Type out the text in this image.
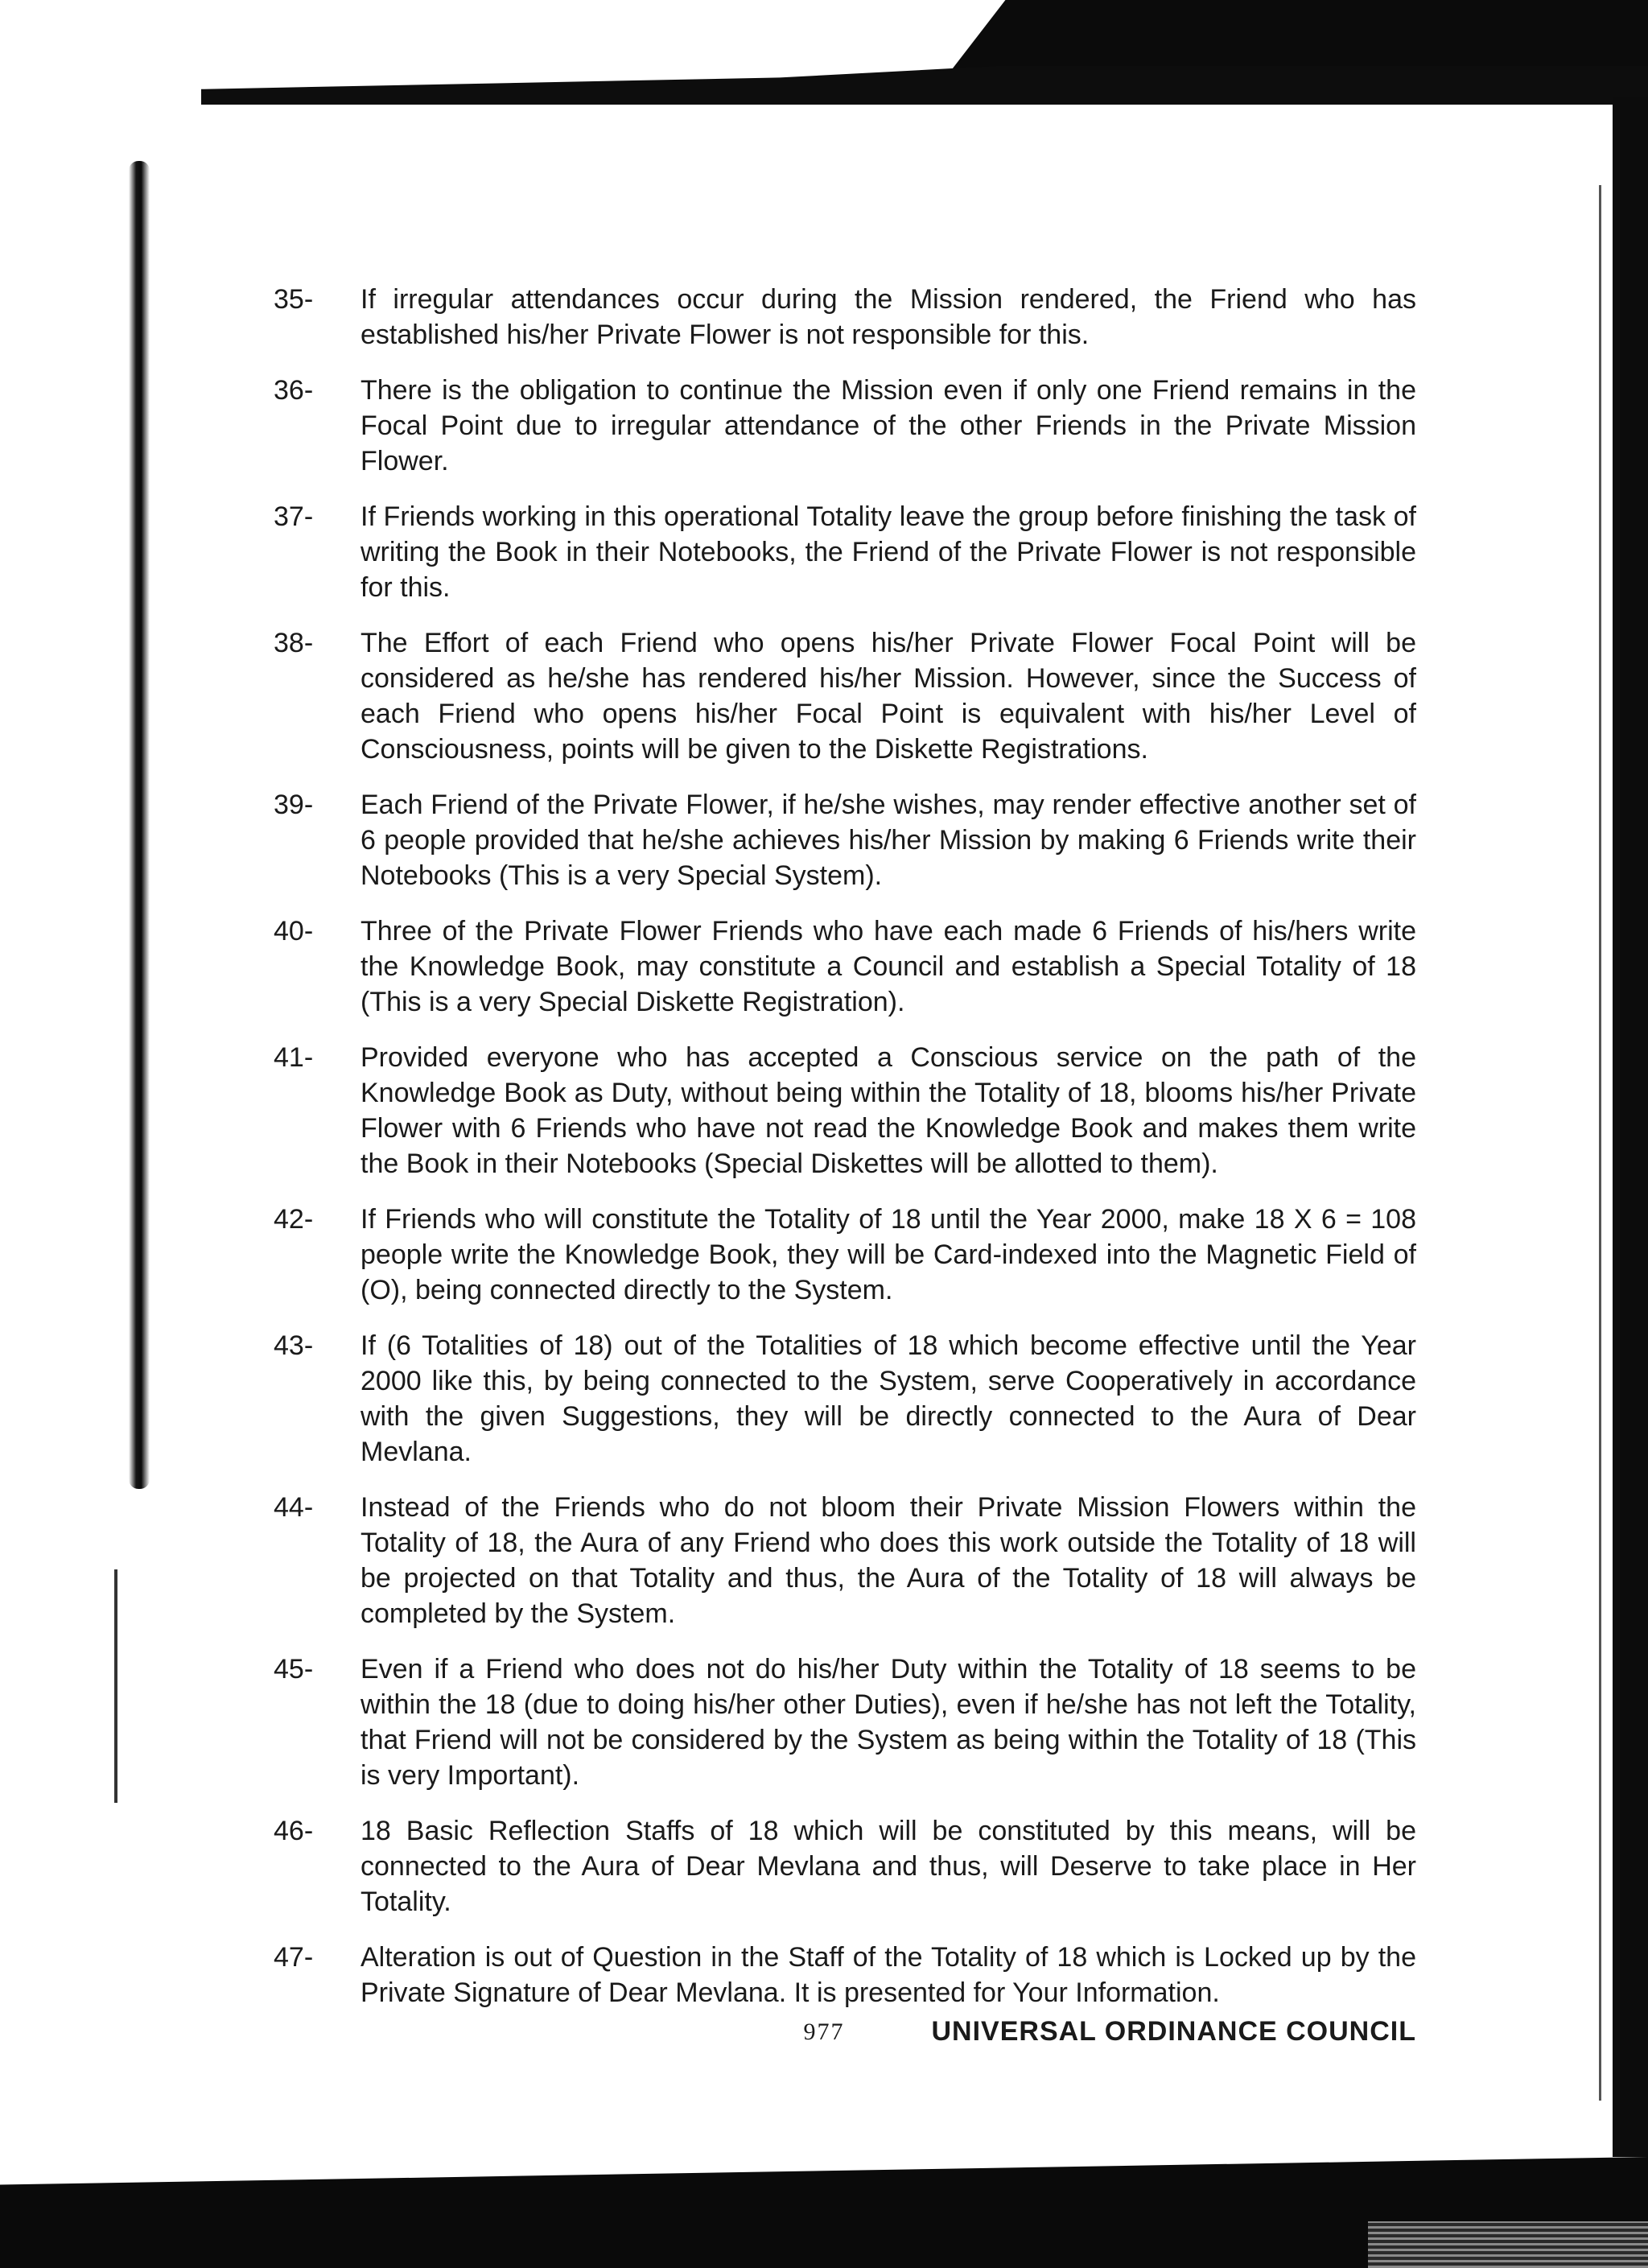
35-	If irregular attendances occur during the Mission rendered, the Friend who has established his/her Private Flower is not responsible for this.
36-	There is the obligation to continue the Mission even if only one Friend remains in the Focal Point due to irregular attendance of the other Friends in the Private Mission Flower.
37-	If Friends working in this operational Totality leave the group before finishing the task of writing the Book in their Notebooks, the Friend of the Private Flower is not responsible for this.
38-	The Effort of each Friend who opens his/her Private Flower Focal Point will be considered as he/she has rendered his/her Mission. However, since the Success of each Friend who opens his/her Focal Point is equivalent with his/her Level of Consciousness, points will be given to the Diskette Registrations.
39-	Each Friend of the Private Flower, if he/she wishes, may render effective another set of 6 people provided that he/she achieves his/her Mission by making 6 Friends write their Notebooks (This is a very Special System).
40-	Three of the Private Flower Friends who have each made 6 Friends of his/hers write the Knowledge Book, may constitute a Council and establish a Special Totality of 18 (This is a very Special Diskette Registration).
41-	Provided everyone who has accepted a Conscious service on the path of the Knowledge Book as Duty, without being within the Totality of 18, blooms his/her Private Flower with 6 Friends who have not read the Knowledge Book and makes them write the Book in their Notebooks (Special Diskettes will be allotted to them).
42-	If Friends who will constitute the Totality of 18 until the Year 2000, make 18 X 6 = 108 people write the Knowledge Book, they will be Card-indexed into the Magnetic Field of (O), being connected directly to the System.
43-	If (6 Totalities of 18) out of the Totalities of 18 which become effective until the Year 2000 like this, by being connected to the System, serve Cooperatively in accordance with the given Suggestions, they will be directly connected to the Aura of Dear Mevlana.
44-	Instead of the Friends who do not bloom their Private Mission Flowers within the Totality of 18, the Aura of any Friend who does this work outside the Totality of 18 will be projected on that Totality and thus, the Aura of the Totality of 18 will always be completed by the System.
45-	Even if a Friend who does not do his/her Duty within the Totality of 18 seems to be within the 18 (due to doing his/her other Duties), even if he/she has not left the Totality, that Friend will not be considered by the System as being within the Totality of 18 (This is very Important).
46-	18 Basic Reflection Staffs of 18 which will be constituted by this means, will be connected to the Aura of Dear Mevlana and thus, will Deserve to take place in Her Totality.
47-	Alteration is out of Question in the Staff of the Totality of 18 which is Locked up by the Private Signature of Dear Mevlana. It is presented for Your Information.
UNIVERSAL ORDINANCE COUNCIL
977
